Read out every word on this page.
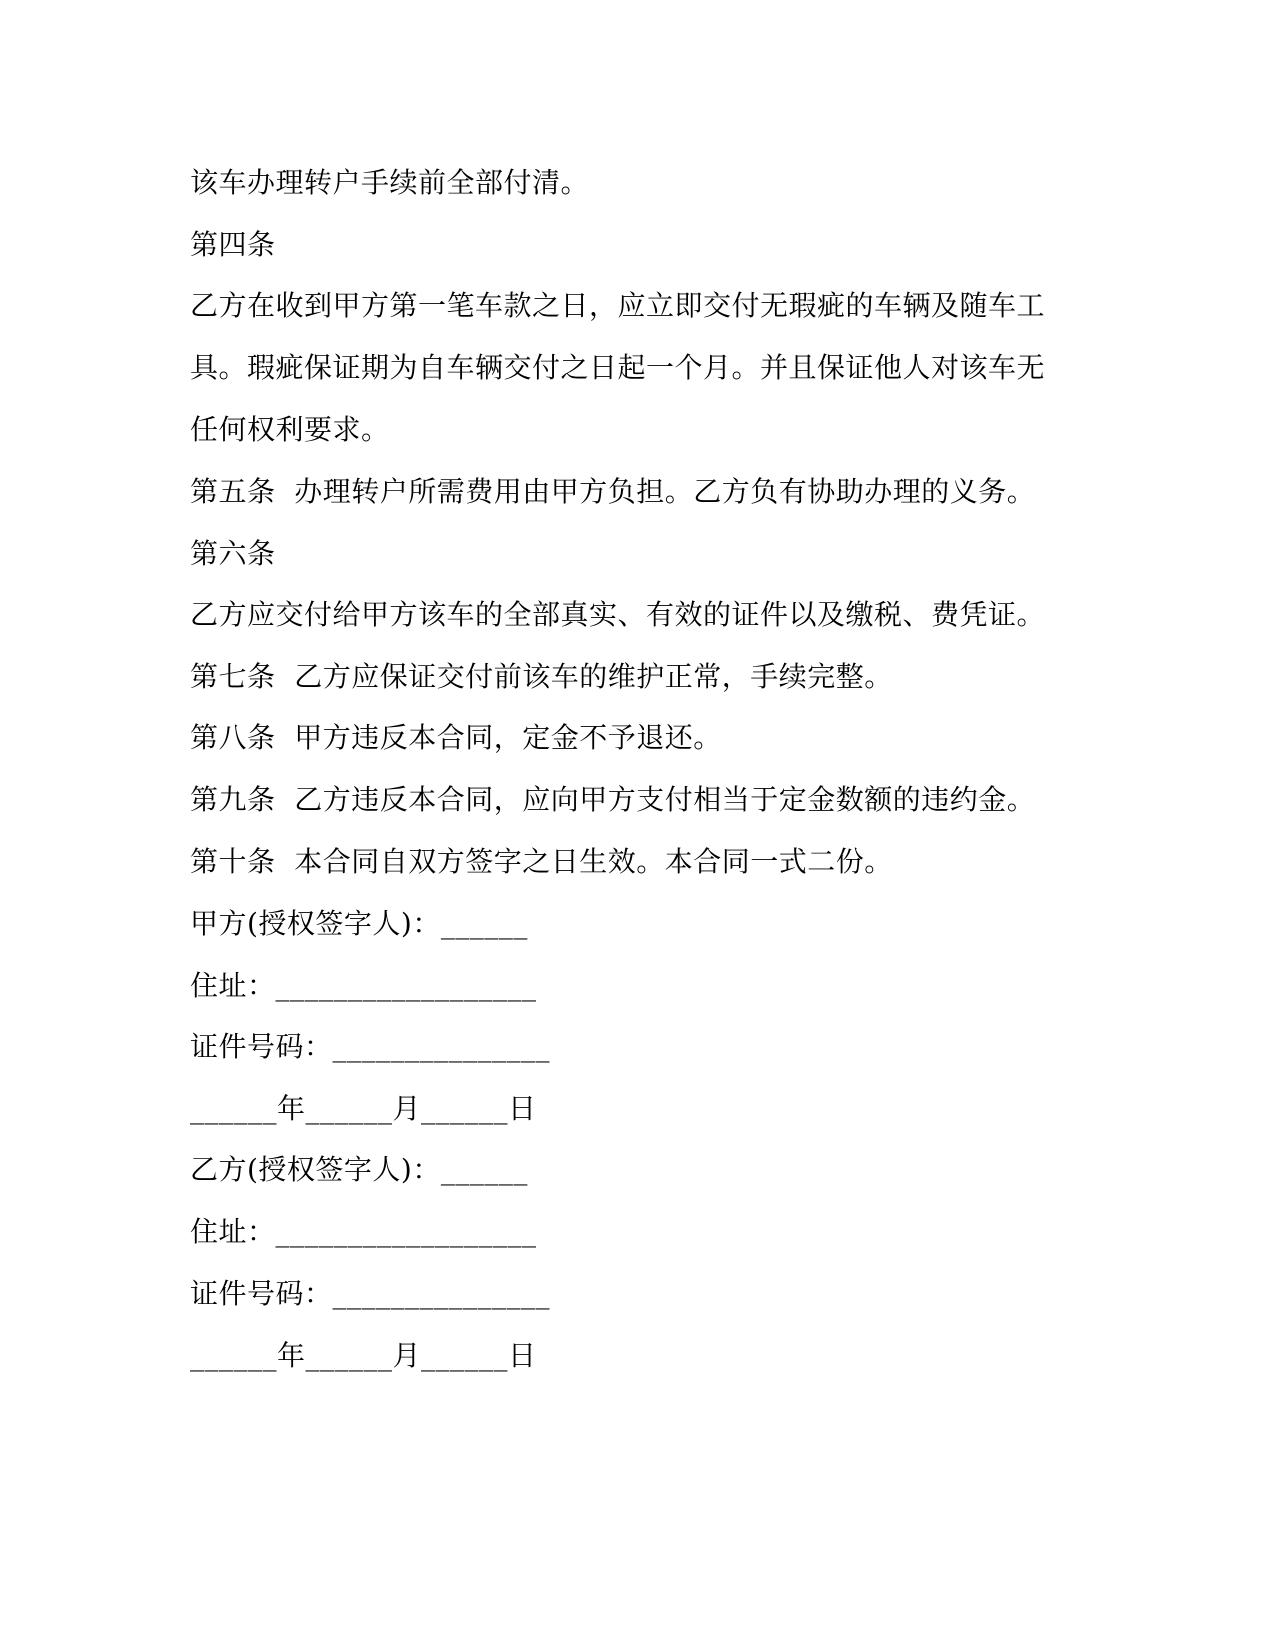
该车办理转户手续前全部付清。
第四条
乙方在收到甲方第一笔车款之日，应立即交付无瑕疵的车辆及随车工
具。瑕疵保证期为自车辆交付之日起一个月。并且保证他人对该车无
任何权利要求。
第五条  办理转户所需费用由甲方负担。乙方负有协助办理的义务。
第六条
乙方应交付给甲方该车的全部真实、有效的证件以及缴税、费凭证。
第七条  乙方应保证交付前该车的维护正常，手续完整。
第八条  甲方违反本合同，定金不予退还。
第九条  乙方违反本合同，应向甲方支付相当于定金数额的违约金。
第十条  本合同自双方签字之日生效。本合同一式二份。
甲方(授权签字人)：______
住址：__________________
证件号码：_______________
______年______月______日
乙方(授权签字人)：______
住址：__________________
证件号码：_______________
______年______月______日
